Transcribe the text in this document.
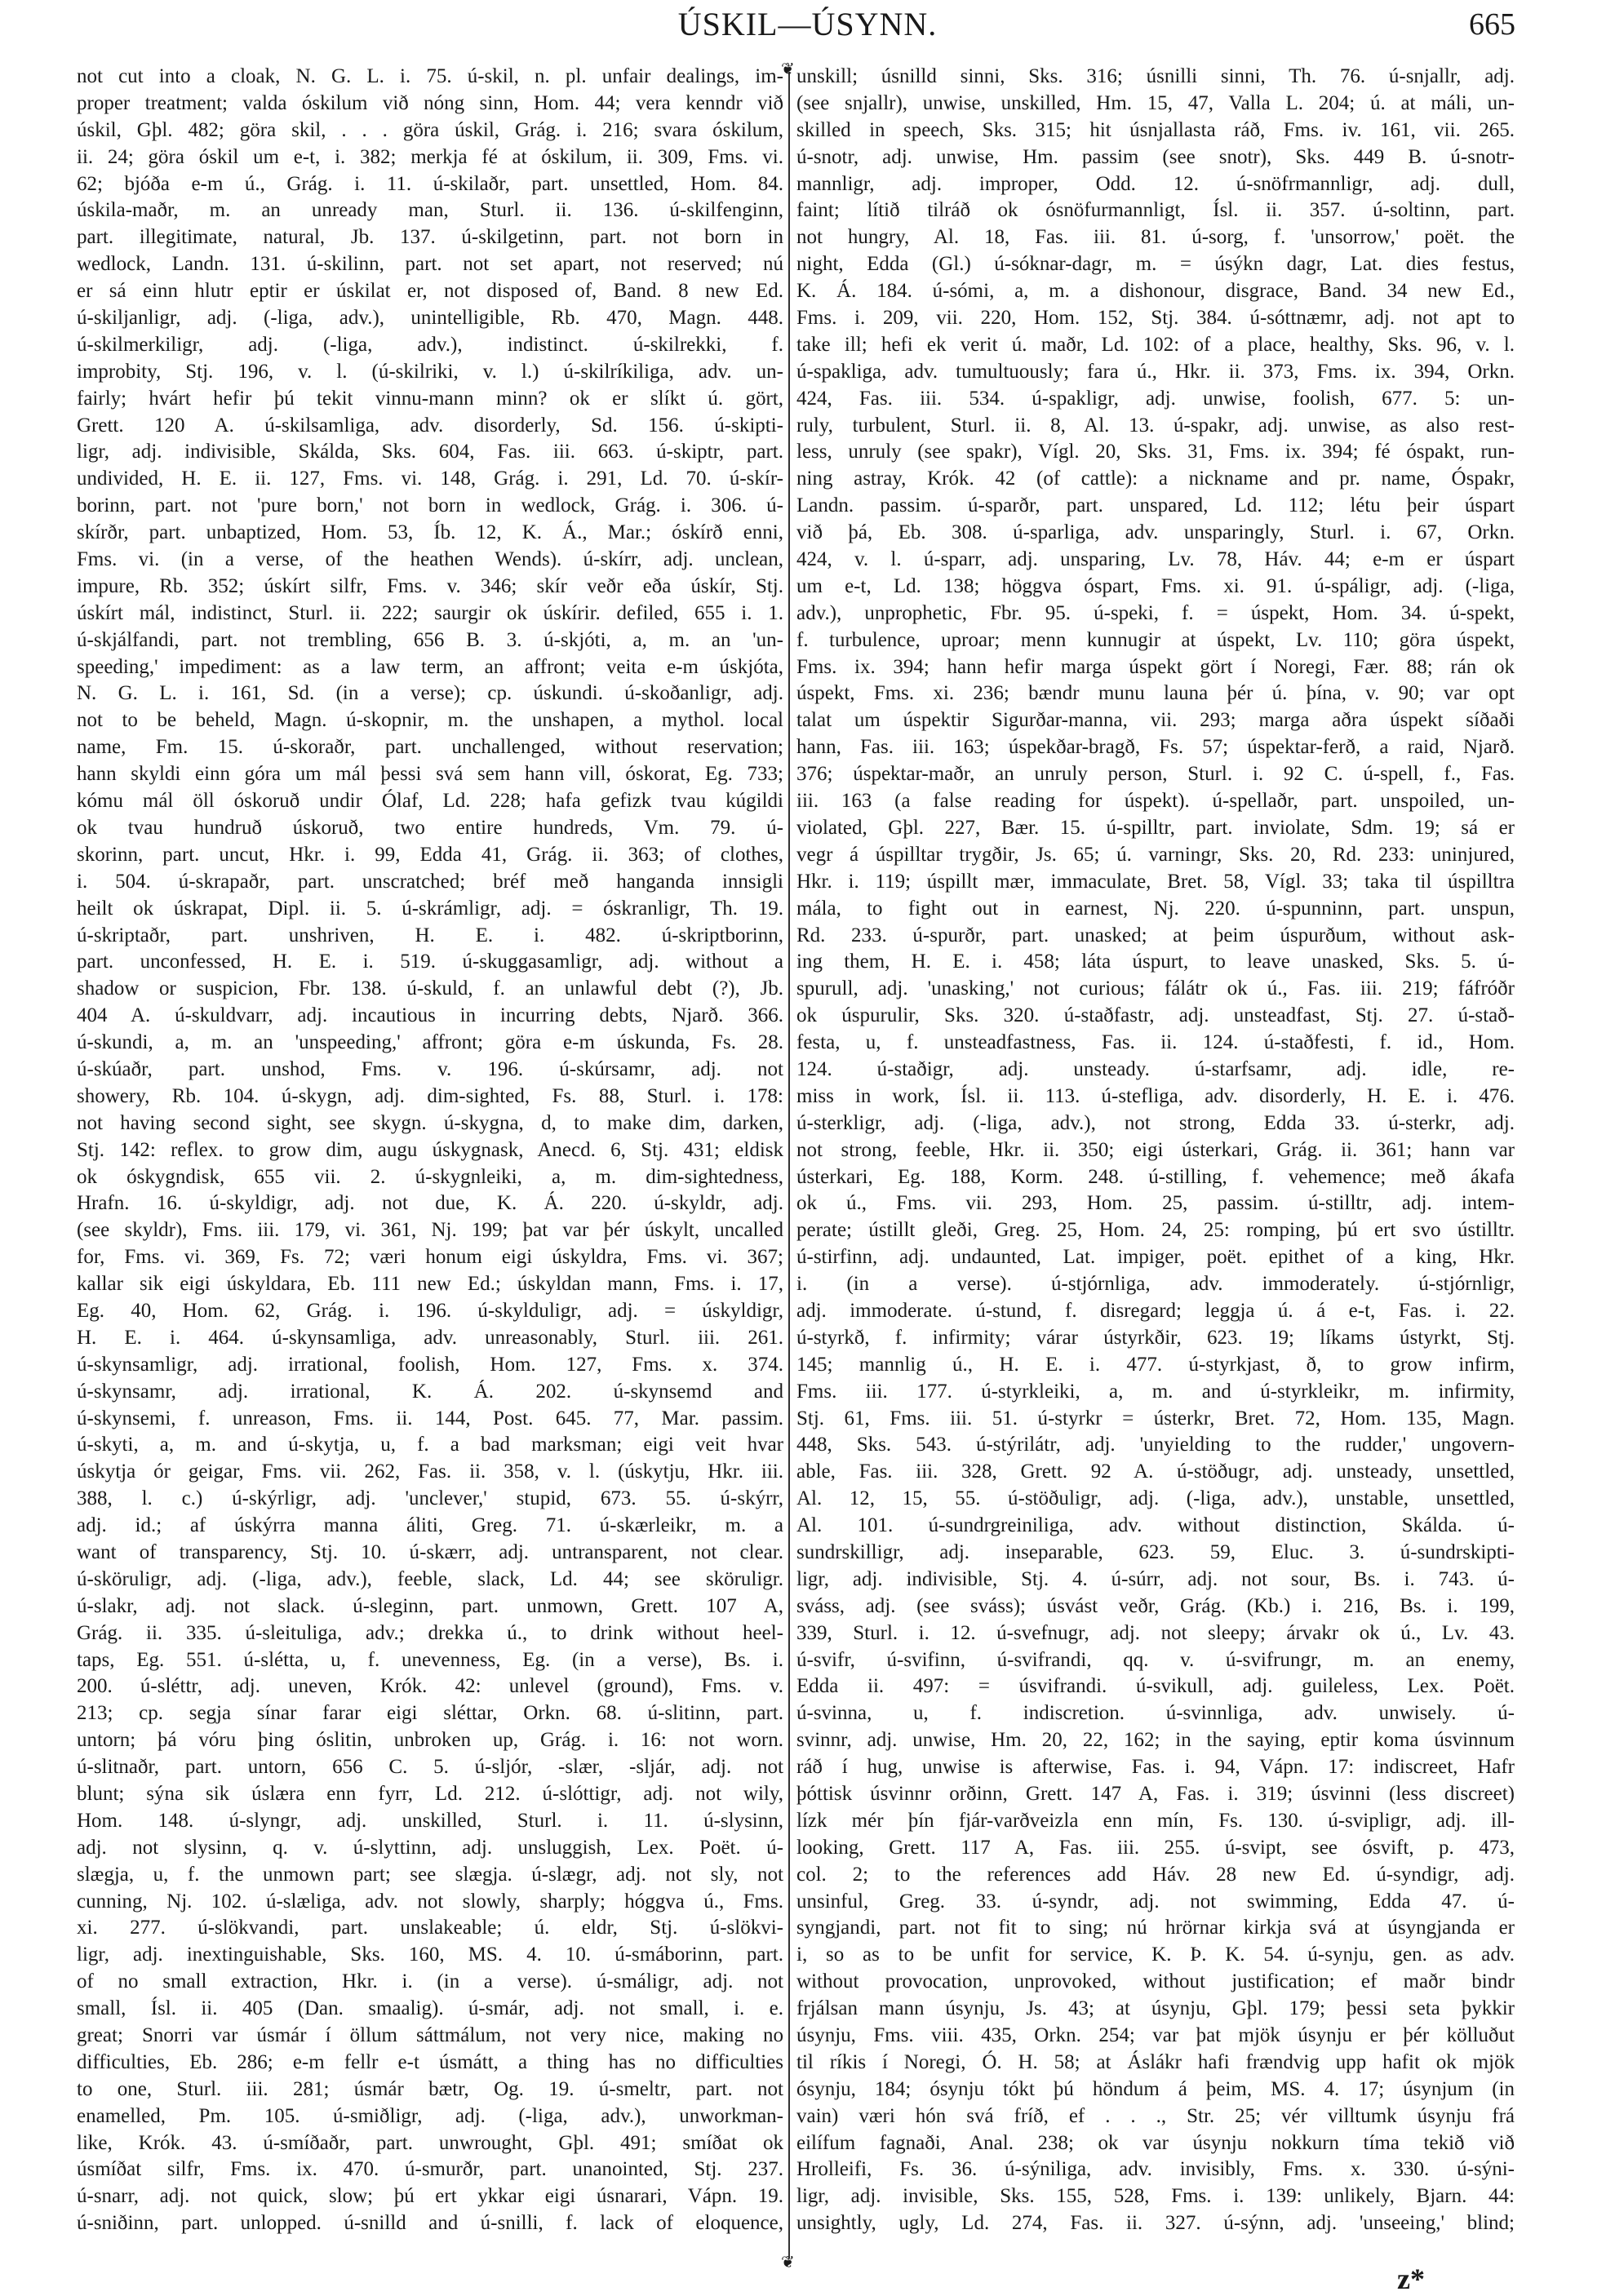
ÚSKIL—ÚSYNN.	665
not cut into a cloak, N. G. L. i. 75. ú-skil, n. pl. unfair dealings, im-
proper treatment; valda óskilum við nóng sinn, Hom. 44; vera kenndr við
úskil, Gþl. 482; göra skil, . . . göra úskil, Grág. i. 216; svara óskilum,
ii. 24; göra óskil um e-t, i. 382; merkja fé at óskilum, ii. 309, Fms. vi.
62; bjóða e-m ú., Grág. i. 11. ú-skilaðr, part. unsettled, Hom. 84.
úskila-maðr, m. an unready man, Sturl. ii. 136. ú-skilfenginn,
part. illegitimate, natural, Jb. 137. ú-skilgetinn, part. not born in
wedlock, Landn. 131. ú-skilinn, part. not set apart, not reserved; nú
er sá einn hlutr eptir er úskilat er, not disposed of, Band. 8 new Ed.
ú-skiljanligr, adj. (-liga, adv.), unintelligible, Rb. 470, Magn. 448.
ú-skilmerkiligr, adj. (-liga, adv.), indistinct. ú-skilrekki, f.
improbity, Stj. 196, v. l. (ú-skilriki, v. l.) ú-skilríkiliga, adv. un-
fairly; hvárt hefir þú tekit vinnu-mann minn? ok er slíkt ú. gört,
Grett. 120 A. ú-skilsamliga, adv. disorderly, Sd. 156. ú-skipti-
ligr, adj. indivisible, Skálda, Sks. 604, Fas. iii. 663. ú-skiptr, part.
undivided, H. E. ii. 127, Fms. vi. 148, Grág. i. 291, Ld. 70. ú-skír-
borinn, part. not 'pure born,' not born in wedlock, Grág. i. 306. ú-
skírðr, part. unbaptized, Hom. 53, Íb. 12, K. Á., Mar.; óskírð enni,
Fms. vi. (in a verse, of the heathen Wends). ú-skírr, adj. unclean,
impure, Rb. 352; úskírt silfr, Fms. v. 346; skír veðr eða úskír, Stj.
úskírt mál, indistinct, Sturl. ii. 222; saurgir ok úskírir. defiled, 655 i. 1.
ú-skjálfandi, part. not trembling, 656 B. 3. ú-skjóti, a, m. an 'un-
speeding,' impediment: as a law term, an affront; veita e-m úskjóta,
N. G. L. i. 161, Sd. (in a verse); cp. úskundi. ú-skoðanligr, adj.
not to be beheld, Magn. ú-skopnir, m. the unshapen, a mythol. local
name, Fm. 15. ú-skoraðr, part. unchallenged, without reservation;
hann skyldi einn góra um mál þessi svá sem hann vill, óskorat, Eg. 733;
kómu mál öll óskoruð undir Ólaf, Ld. 228; hafa gefizk tvau kúgildi
ok tvau hundruð úskoruð, two entire hundreds, Vm. 79. ú-
skorinn, part. uncut, Hkr. i. 99, Edda 41, Grág. ii. 363; of clothes,
i. 504. ú-skrapaðr, part. unscratched; bréf með hanganda innsigli
heilt ok úskrapat, Dipl. ii. 5. ú-skrámligr, adj. = óskranligr, Th. 19.
ú-skriptaðr, part. unshriven, H. E. i. 482. ú-skriptborinn,
part. unconfessed, H. E. i. 519. ú-skuggasamligr, adj. without a
shadow or suspicion, Fbr. 138. ú-skuld, f. an unlawful debt (?), Jb.
404 A. ú-skuldvarr, adj. incautious in incurring debts, Njarð. 366.
ú-skundi, a, m. an 'unspeeding,' affront; göra e-m úskunda, Fs. 28.
ú-skúaðr, part. unshod, Fms. v. 196. ú-skúrsamr, adj. not
showery, Rb. 104. ú-skygn, adj. dim-sighted, Fs. 88, Sturl. i. 178:
not having second sight, see skygn. ú-skygna, d, to make dim, darken,
Stj. 142: reflex. to grow dim, augu úskygnask, Anecd. 6, Stj. 431; eldisk
ok óskygndisk, 655 vii. 2. ú-skygnleiki, a, m. dim-sightedness,
Hrafn. 16. ú-skyldigr, adj. not due, K. Á. 220. ú-skyldr, adj.
(see skyldr), Fms. iii. 179, vi. 361, Nj. 199; þat var þér úskylt, uncalled
for, Fms. vi. 369, Fs. 72; væri honum eigi úskyldra, Fms. vi. 367;
kallar sik eigi úskyldara, Eb. 111 new Ed.; úskyldan mann, Fms. i. 17,
Eg. 40, Hom. 62, Grág. i. 196. ú-skylduligr, adj. = úskyldigr,
H. E. i. 464. ú-skynsamliga, adv. unreasonably, Sturl. iii. 261.
ú-skynsamligr, adj. irrational, foolish, Hom. 127, Fms. x. 374.
ú-skynsamr, adj. irrational, K. Á. 202. ú-skynsemd and
ú-skynsemi, f. unreason, Fms. ii. 144, Post. 645. 77, Mar. passim.
ú-skyti, a, m. and ú-skytja, u, f. a bad marksman; eigi veit hvar
úskytja ór geigar, Fms. vii. 262, Fas. ii. 358, v. l. (úskytju, Hkr. iii.
388, l. c.) ú-skýrligr, adj. 'unclever,' stupid, 673. 55. ú-skýrr,
adj. id.; af úskýrra manna áliti, Greg. 71. ú-skærleikr, m. a
want of transparency, Stj. 10. ú-skærr, adj. untransparent, not clear.
ú-sköruligr, adj. (-liga, adv.), feeble, slack, Ld. 44; see sköruligr.
ú-slakr, adj. not slack. ú-sleginn, part. unmown, Grett. 107 A,
Grág. ii. 335. ú-sleituliga, adv.; drekka ú., to drink without heel-
taps, Eg. 551. ú-slétta, u, f. unevenness, Eg. (in a verse), Bs. i.
200. ú-sléttr, adj. uneven, Krók. 42: unlevel (ground), Fms. v.
213; cp. segja sínar farar eigi sléttar, Orkn. 68. ú-slitinn, part.
untorn; þá vóru þing óslitin, unbroken up, Grág. i. 16: not worn.
ú-slitnaðr, part. untorn, 656 C. 5. ú-sljór, -slær, -sljár, adj. not
blunt; sýna sik úslæra enn fyrr, Ld. 212. ú-slóttigr, adj. not wily,
Hom. 148. ú-slyngr, adj. unskilled, Sturl. i. 11. ú-slysinn,
adj. not slysinn, q. v. ú-slyttinn, adj. unsluggish, Lex. Poët. ú-
slægja, u, f. the unmown part; see slægja. ú-slægr, adj. not sly, not
cunning, Nj. 102. ú-slæliga, adv. not slowly, sharply; hóggva ú., Fms.
xi. 277. ú-slökvandi, part. unslakeable; ú. eldr, Stj. ú-slökvi-
ligr, adj. inextinguishable, Sks. 160, MS. 4. 10. ú-smáborinn, part.
of no small extraction, Hkr. i. (in a verse). ú-smáligr, adj. not
small, Ísl. ii. 405 (Dan. smaalig). ú-smár, adj. not small, i. e.
great; Snorri var úsmár í öllum sáttmálum, not very nice, making no
difficulties, Eb. 286; e-m fellr e-t úsmátt, a thing has no difficulties
to one, Sturl. iii. 281; úsmár bætr, Og. 19. ú-smeltr, part. not
enamelled, Pm. 105. ú-smiðligr, adj. (-liga, adv.), unworkman-
like, Krók. 43. ú-smíðaðr, part. unwrought, Gþl. 491; smíðat ok
úsmíðat silfr, Fms. ix. 470. ú-smurðr, part. unanointed, Stj. 237.
ú-snarr, adj. not quick, slow; þú ert ykkar eigi úsnarari, Vápn. 19.
ú-sniðinn, part. unlopped. ú-snilld and ú-snilli, f. lack of eloquence,
❦
❦
unskill; úsnilld sinni, Sks. 316; úsnilli sinni, Th. 76. ú-snjallr, adj.
(see snjallr), unwise, unskilled, Hm. 15, 47, Valla L. 204; ú. at máli, un-
skilled in speech, Sks. 315; hit úsnjallasta ráð, Fms. iv. 161, vii. 265.
ú-snotr, adj. unwise, Hm. passim (see snotr), Sks. 449 B. ú-snotr-
mannligr, adj. improper, Odd. 12. ú-snöfrmannligr, adj. dull,
faint; lítið tilráð ok ósnöfurmannligt, Ísl. ii. 357. ú-soltinn, part.
not hungry, Al. 18, Fas. iii. 81. ú-sorg, f. 'unsorrow,' poët. the
night, Edda (Gl.) ú-sóknar-dagr, m. = úsýkn dagr, Lat. dies festus,
K. Á. 184. ú-sómi, a, m. a dishonour, disgrace, Band. 34 new Ed.,
Fms. i. 209, vii. 220, Hom. 152, Stj. 384. ú-sóttnæmr, adj. not apt to
take ill; hefi ek verit ú. maðr, Ld. 102: of a place, healthy, Sks. 96, v. l.
ú-spakliga, adv. tumultuously; fara ú., Hkr. ii. 373, Fms. ix. 394, Orkn.
424, Fas. iii. 534. ú-spakligr, adj. unwise, foolish, 677. 5: un-
ruly, turbulent, Sturl. ii. 8, Al. 13. ú-spakr, adj. unwise, as also rest-
less, unruly (see spakr), Vígl. 20, Sks. 31, Fms. ix. 394; fé óspakt, run-
ning astray, Krók. 42 (of cattle): a nickname and pr. name, Óspakr,
Landn. passim. ú-sparðr, part. unspared, Ld. 112; létu þeir úspart
við þá, Eb. 308. ú-sparliga, adv. unsparingly, Sturl. i. 67, Orkn.
424, v. l. ú-sparr, adj. unsparing, Lv. 78, Háv. 44; e-m er úspart
um e-t, Ld. 138; höggva óspart, Fms. xi. 91. ú-spáligr, adj. (-liga,
adv.), unprophetic, Fbr. 95. ú-speki, f. = úspekt, Hom. 34. ú-spekt,
f. turbulence, uproar; menn kunnugir at úspekt, Lv. 110; göra úspekt,
Fms. ix. 394; hann hefir marga úspekt gört í Noregi, Fær. 88; rán ok
úspekt, Fms. xi. 236; bændr munu launa þér ú. þína, v. 90; var opt
talat um úspektir Sigurðar-manna, vii. 293; marga aðra úspekt síðaði
hann, Fas. iii. 163; úspekðar-bragð, Fs. 57; úspektar-ferð, a raid, Njarð.
376; úspektar-maðr, an unruly person, Sturl. i. 92 C. ú-spell, f., Fas.
iii. 163 (a false reading for úspekt). ú-spellaðr, part. unspoiled, un-
violated, Gþl. 227, Bær. 15. ú-spilltr, part. inviolate, Sdm. 19; sá er
vegr á úspilltar trygðir, Js. 65; ú. varningr, Sks. 20, Rd. 233: uninjured,
Hkr. i. 119; úspillt mær, immaculate, Bret. 58, Vígl. 33; taka til úspilltra
mála, to fight out in earnest, Nj. 220. ú-spunninn, part. unspun,
Rd. 233. ú-spurðr, part. unasked; at þeim úspurðum, without ask-
ing them, H. E. i. 458; láta úspurt, to leave unasked, Sks. 5. ú-
spurull, adj. 'unasking,' not curious; fálátr ok ú., Fas. iii. 219; fáfróðr
ok úspurulir, Sks. 320. ú-staðfastr, adj. unsteadfast, Stj. 27. ú-stað-
festa, u, f. unsteadfastness, Fas. ii. 124. ú-staðfesti, f. id., Hom.
124. ú-staðigr, adj. unsteady. ú-starfsamr, adj. idle, re-
miss in work, Ísl. ii. 113. ú-stefliga, adv. disorderly, H. E. i. 476.
ú-sterkligr, adj. (-liga, adv.), not strong, Edda 33. ú-sterkr, adj.
not strong, feeble, Hkr. ii. 350; eigi ústerkari, Grág. ii. 361; hann var
ústerkari, Eg. 188, Korm. 248. ú-stilling, f. vehemence; með ákafa
ok ú., Fms. vii. 293, Hom. 25, passim. ú-stilltr, adj. intem-
perate; ústillt gleði, Greg. 25, Hom. 24, 25: romping, þú ert svo ústilltr.
ú-stirfinn, adj. undaunted, Lat. impiger, poët. epithet of a king, Hkr.
i. (in a verse). ú-stjórnliga, adv. immoderately. ú-stjórnligr,
adj. immoderate. ú-stund, f. disregard; leggja ú. á e-t, Fas. i. 22.
ú-styrkð, f. infirmity; várar ústyrkðir, 623. 19; líkams ústyrkt, Stj.
145; mannlig ú., H. E. i. 477. ú-styrkjast, ð, to grow infirm,
Fms. iii. 177. ú-styrkleiki, a, m. and ú-styrkleikr, m. infirmity,
Stj. 61, Fms. iii. 51. ú-styrkr = ústerkr, Bret. 72, Hom. 135, Magn.
448, Sks. 543. ú-stýrilátr, adj. 'unyielding to the rudder,' ungovern-
able, Fas. iii. 328, Grett. 92 A. ú-stöðugr, adj. unsteady, unsettled,
Al. 12, 15, 55. ú-stöðuligr, adj. (-liga, adv.), unstable, unsettled,
Al. 101. ú-sundrgreiniliga, adv. without distinction, Skálda. ú-
sundrskilligr, adj. inseparable, 623. 59, Eluc. 3. ú-sundrskipti-
ligr, adj. indivisible, Stj. 4. ú-súrr, adj. not sour, Bs. i. 743. ú-
sváss, adj. (see sváss); úsvást veðr, Grág. (Kb.) i. 216, Bs. i. 199,
339, Sturl. i. 12. ú-svefnugr, adj. not sleepy; árvakr ok ú., Lv. 43.
ú-svifr, ú-svifinn, ú-svifrandi, qq. v. ú-svifrungr, m. an enemy,
Edda ii. 497: = úsvifrandi. ú-svikull, adj. guileless, Lex. Poët.
ú-svinna, u, f. indiscretion. ú-svinnliga, adv. unwisely. ú-
svinnr, adj. unwise, Hm. 20, 22, 162; in the saying, eptir koma úsvinnum
ráð í hug, unwise is afterwise, Fas. i. 94, Vápn. 17: indiscreet, Hafr
þóttisk úsvinnr orðinn, Grett. 147 A, Fas. i. 319; úsvinni (less discreet)
lízk mér þín fjár-varðveizla enn mín, Fs. 130. ú-svipligr, adj. ill-
looking, Grett. 117 A, Fas. iii. 255. ú-svipt, see ósvift, p. 473,
col. 2; to the references add Háv. 28 new Ed. ú-syndigr, adj.
unsinful, Greg. 33. ú-syndr, adj. not swimming, Edda 47. ú-
syngjandi, part. not fit to sing; nú hrörnar kirkja svá at úsyngjanda er
i, so as to be unfit for service, K. Þ. K. 54. ú-synju, gen. as adv.
without provocation, unprovoked, without justification; ef maðr bindr
frjálsan mann úsynju, Js. 43; at úsynju, Gþl. 179; þessi seta þykkir
úsynju, Fms. viii. 435, Orkn. 254; var þat mjök úsynju er þér kölluðut
til ríkis í Noregi, Ó. H. 58; at Áslákr hafi frændvig upp hafit ok mjök
ósynju, 184; ósynju tókt þú höndum á þeim, MS. 4. 17; úsynjum (in
vain) væri hón svá fríð, ef . . ., Str. 25; vér villtumk úsynju frá
eilífum fagnaði, Anal. 238; ok var úsynju nokkurn tíma tekið við
Hrolleifi, Fs. 36. ú-sýniliga, adv. invisibly, Fms. x. 330. ú-sýni-
ligr, adj. invisible, Sks. 155, 528, Fms. i. 139: unlikely, Bjarn. 44:
unsightly, ugly, Ld. 274, Fas. ii. 327. ú-sýnn, adj. 'unseeing,' blind;
z*
